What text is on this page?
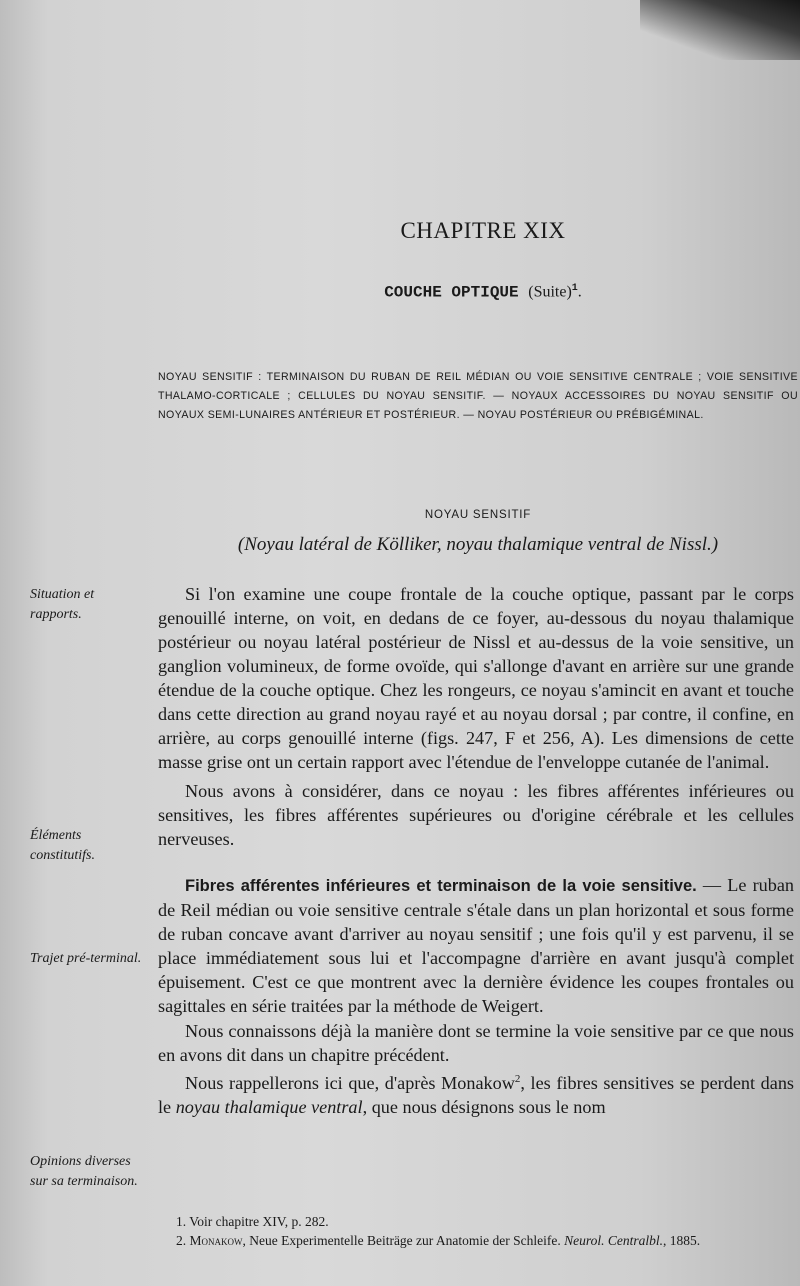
CHAPITRE XIX
COUCHE OPTIQUE (Suite)$^1$.
NOYAU SENSITIF : TERMINAISON DU RUBAN DE REIL MÉDIAN OU VOIE SENSITIVE CENTRALE ; VOIE SENSITIVE THALAMO-CORTICALE ; CELLULES DU NOYAU SENSITIF. — NOYAUX ACCESSOIRES DU NOYAU SENSITIF OU NOYAUX SEMI-LUNAIRES ANTÉRIEUR ET POSTÉRIEUR. — NOYAU POSTÉRIEUR OU PRÉBIGÉMINAL.
NOYAU SENSITIF
(Noyau latéral de Kölliker, noyau thalamique ventral de Nissl.)
Situation et rapports.
Éléments constitutifs.
Trajet pré-terminal.
Opinions diverses sur sa terminaison.

Si l'on examine une coupe frontale de la couche optique, passant par le corps genouillé interne, on voit, en dedans de ce foyer, au-dessous du noyau thalamique postérieur ou noyau latéral postérieur de Nissl et au-dessus de la voie sensitive, un ganglion volumineux, de forme ovoïde, qui s'allonge d'avant en arrière sur une grande étendue de la couche optique. Chez les rongeurs, ce noyau s'amincit en avant et touche dans cette direction au grand noyau rayé et au noyau dorsal ; par contre, il confine, en arrière, au corps genouillé interne (figs. 247, F et 256, A). Les dimensions de cette masse grise ont un certain rapport avec l'étendue de l'enveloppe cutanée de l'animal.

Nous avons à considérer, dans ce noyau : les fibres afférentes inférieures ou sensitives, les fibres afférentes supérieures ou d'origine cérébrale et les cellules nerveuses.

Fibres afférentes inférieures et terminaison de la voie sensitive. — Le ruban de Reil médian ou voie sensitive centrale s'étale dans un plan horizontal et sous forme de ruban concave avant d'arriver au noyau sensitif ; une fois qu'il y est parvenu, il se place immédiatement sous lui et l'accompagne d'arrière en avant jusqu'à complet épuisement. C'est ce que montrent avec la dernière évidence les coupes frontales ou sagittales en série traitées par la méthode de Weigert.

Nous connaissons déjà la manière dont se termine la voie sensitive par ce que nous en avons dit dans un chapitre précédent.

Nous rappellerons ici que, d'après Monakow$^2$, les fibres sensitives se perdent dans le noyau thalamique ventral, que nous désignons sous le nom

1. Voir chapitre XIV, p. 282.
2. Monakow, Neue Experimentelle Beiträge zur Anatomie der Schleife. Neurol. Centralbl., 1885.
